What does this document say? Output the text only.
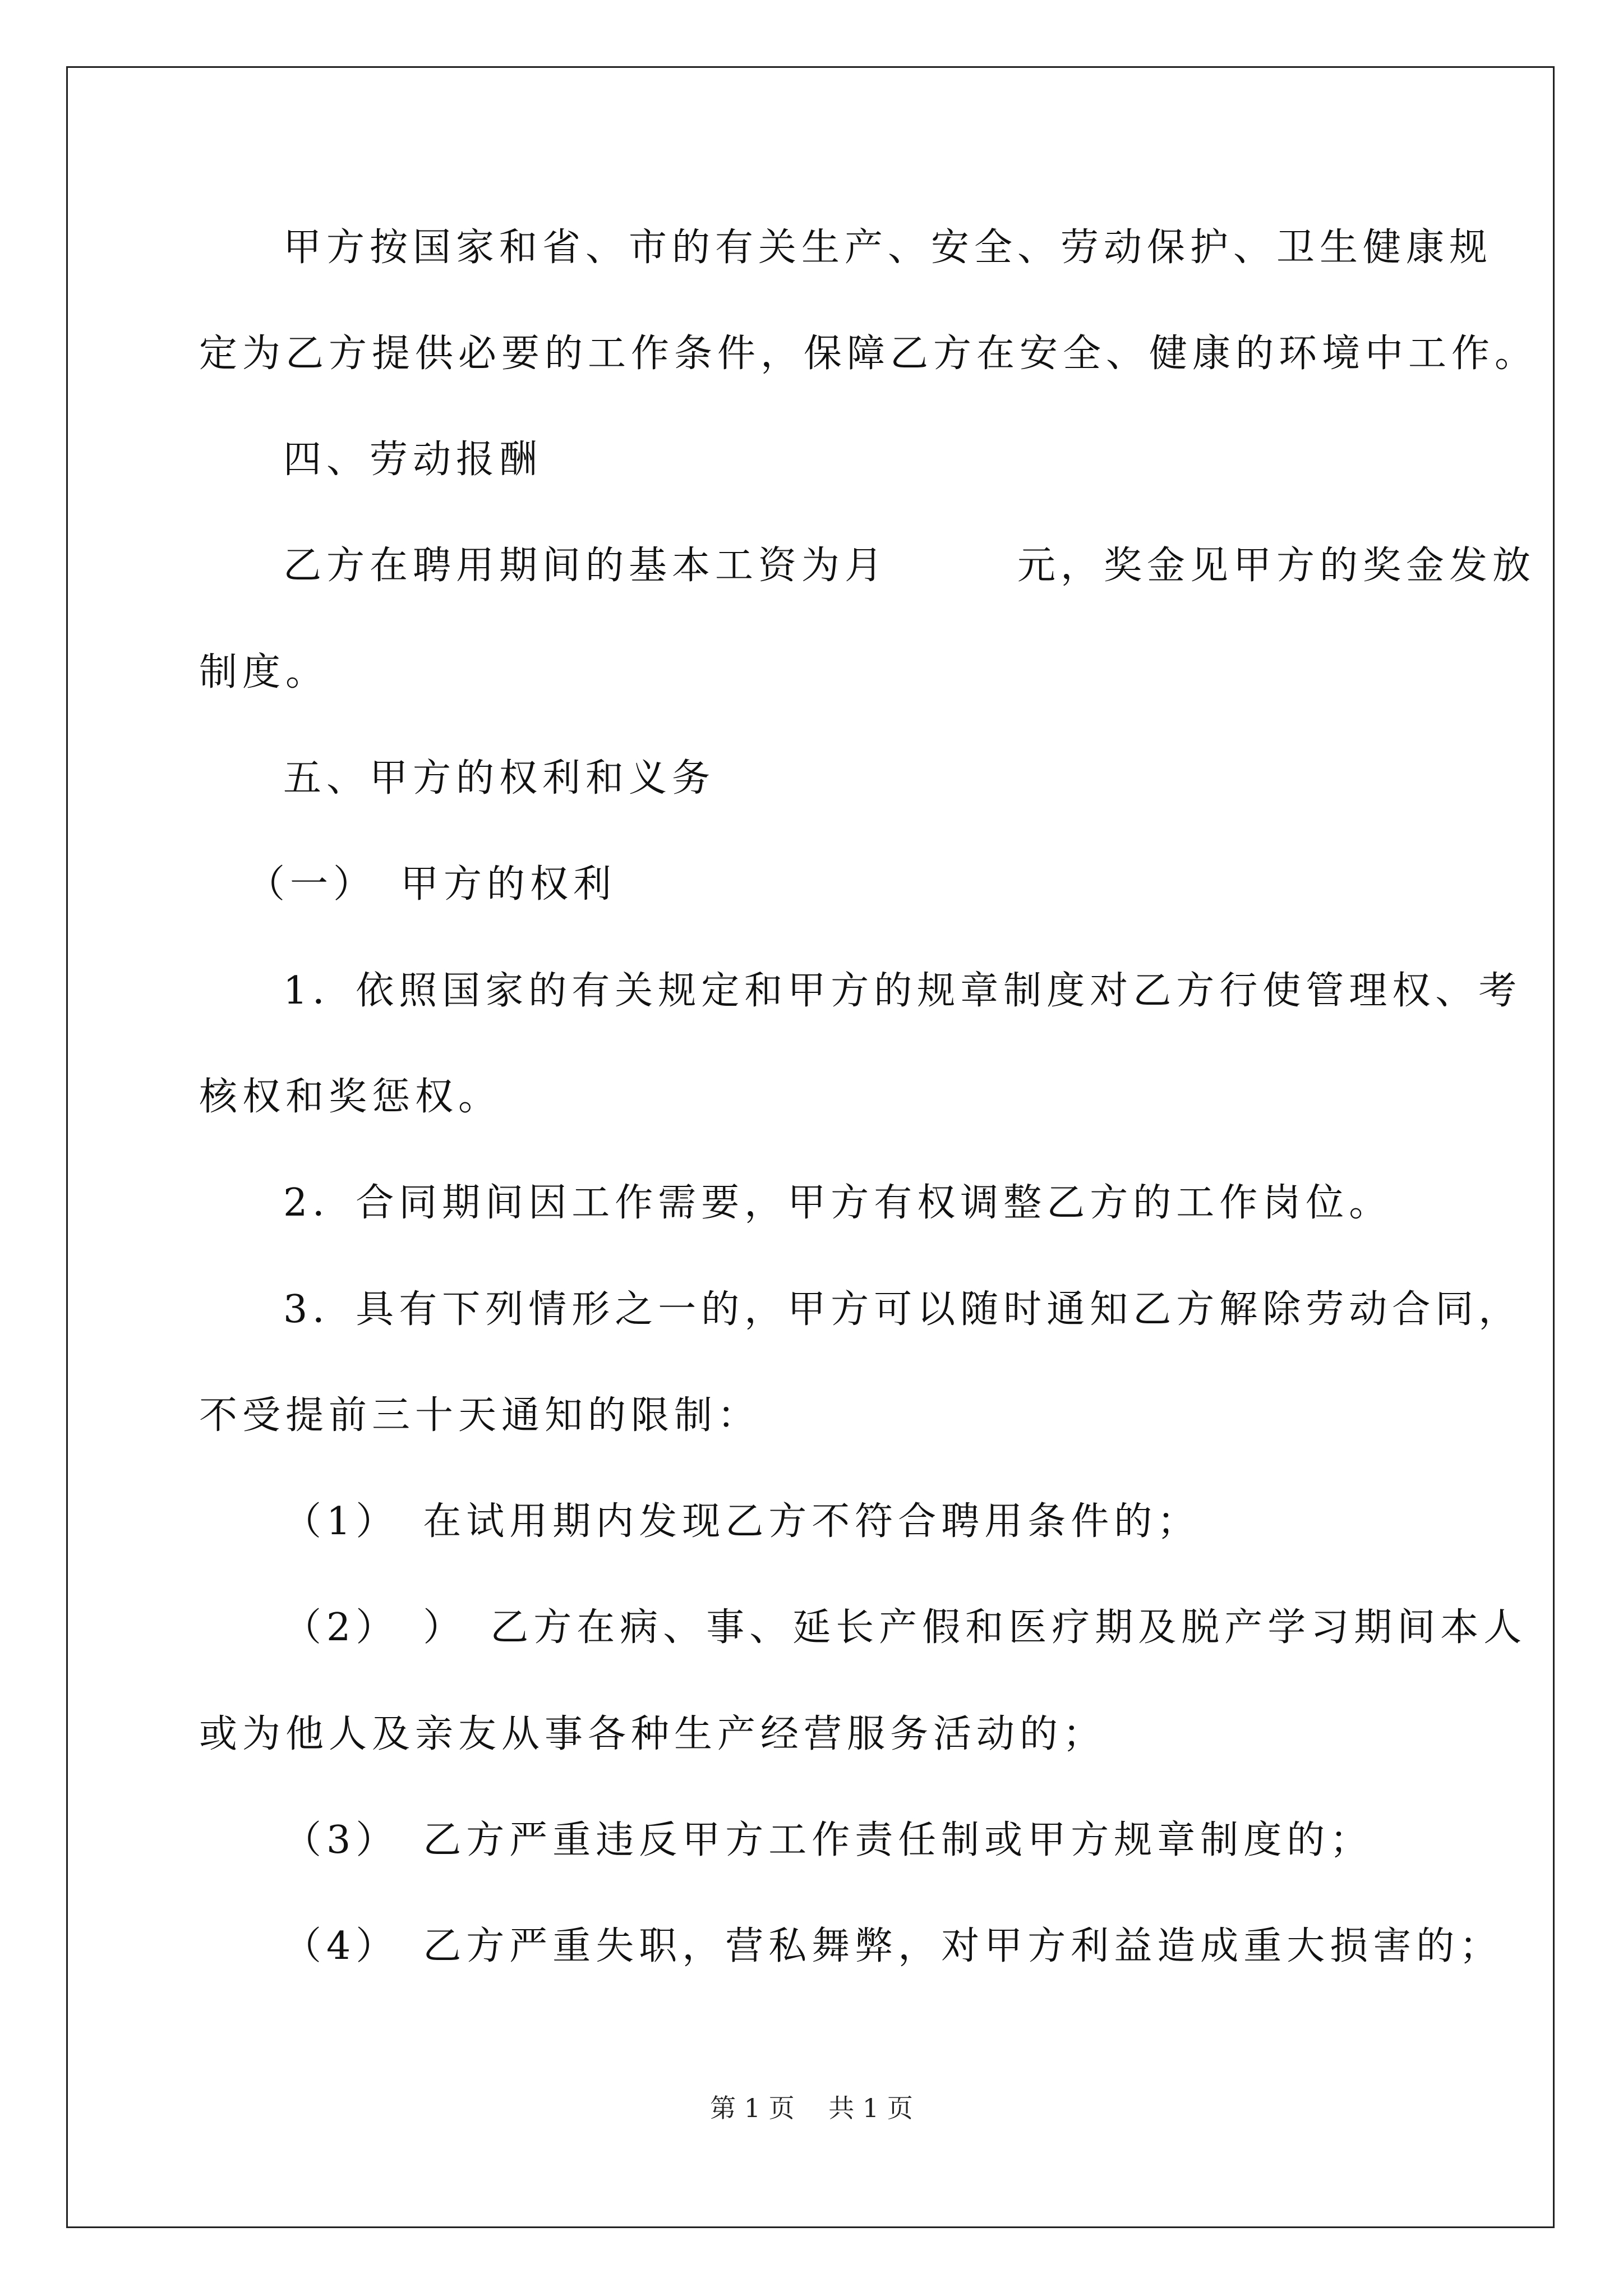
甲方按国家和省、市的有关生产、安全、劳动保护、卫生健康规
定为乙方提供必要的工作条件，保障乙方在安全、健康的环境中工作。
四、劳动报酬
乙方在聘用期间的基本工资为月　　　元，奖金见甲方的奖金发放
制度。
五、甲方的权利和义务
（一）　甲方的权利
1．依照国家的有关规定和甲方的规章制度对乙方行使管理权、考
核权和奖惩权。
2．合同期间因工作需要，甲方有权调整乙方的工作岗位。
3．具有下列情形之一的，甲方可以随时通知乙方解除劳动合同，
不受提前三十天通知的限制：
（1）　在试用期内发现乙方不符合聘用条件的；
（2）　）　乙方在病、事、延长产假和医疗期及脱产学习期间本人
或为他人及亲友从事各种生产经营服务活动的；
（3）　乙方严重违反甲方工作责任制或甲方规章制度的；
（4）　乙方严重失职，营私舞弊，对甲方利益造成重大损害的；
第 1 页　 共 1 页
